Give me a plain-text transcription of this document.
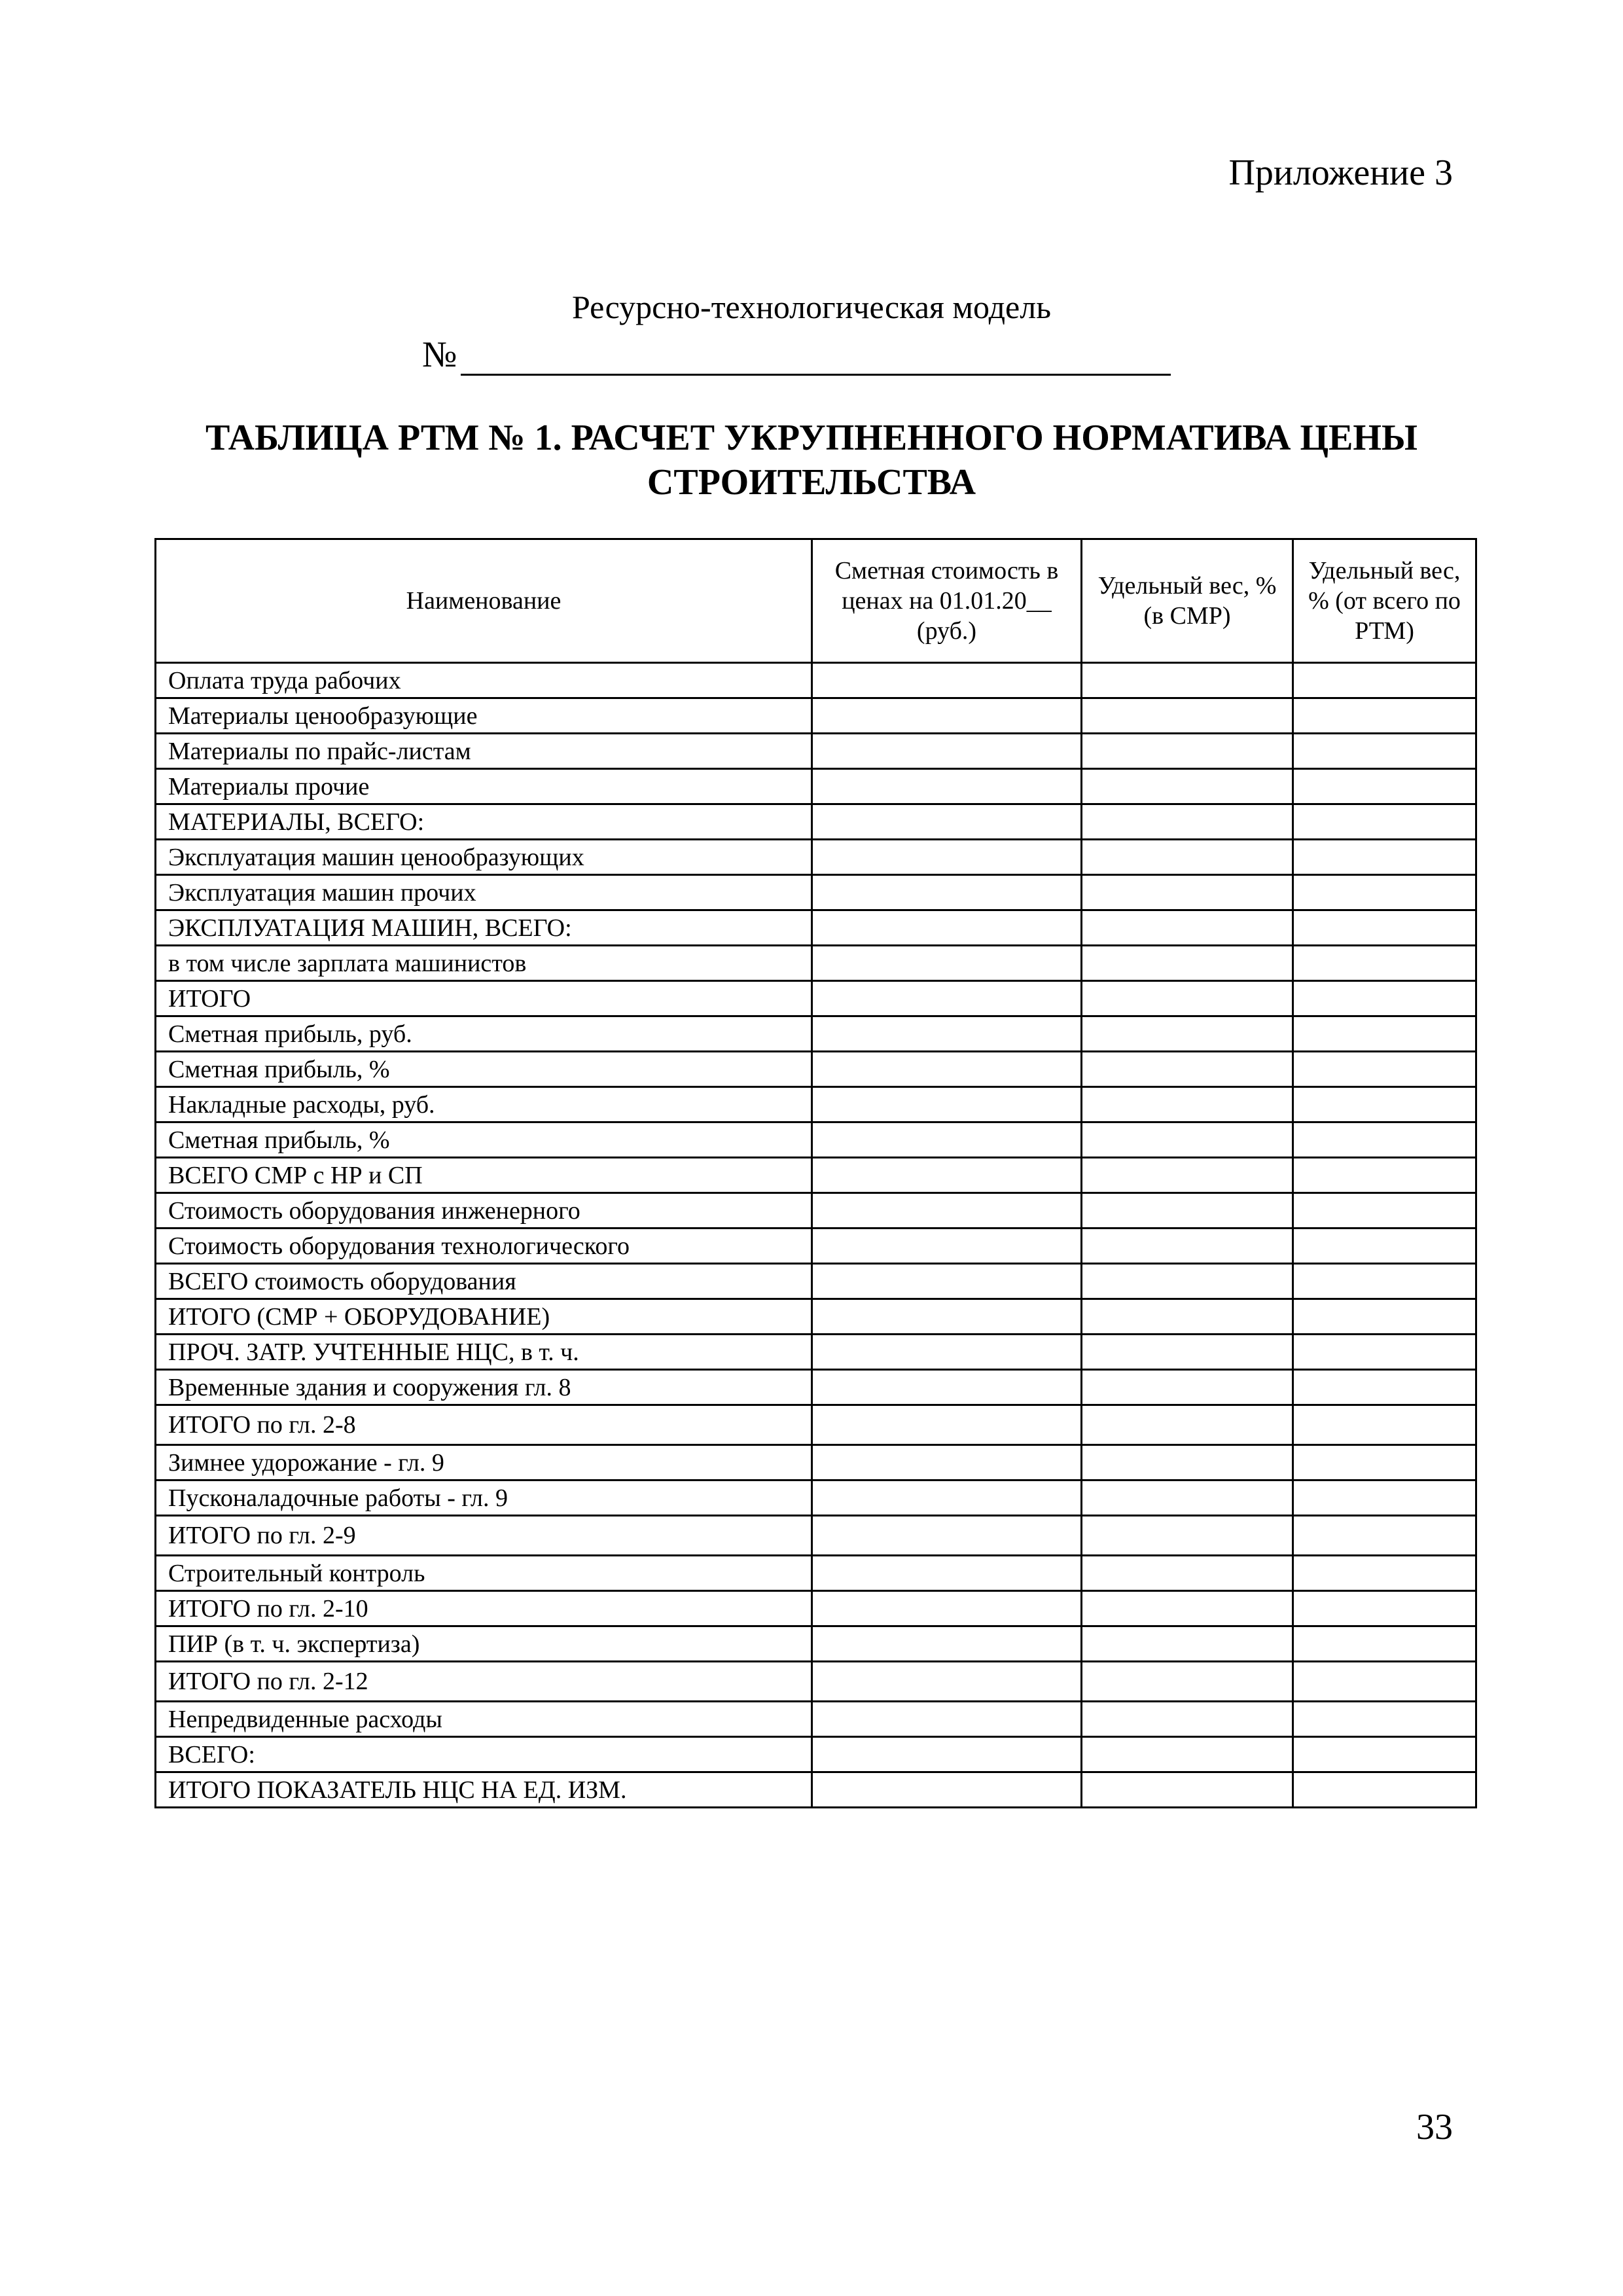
Приложение 3
Ресурсно-технологическая модель
№
ТАБЛИЦА РТМ № 1. РАСЧЕТ УКРУПНЕННОГО НОРМАТИВА ЦЕНЫ СТРОИТЕЛЬСТВА
Наименование	Сметная стоимость в ценах на 01.01.20__ (руб.)	Удельный вес, % (в СМР)	Удельный вес, % (от всего по РТМ)
Оплата труда рабочих			
Материалы ценообразующие			
Материалы по прайс-листам			
Материалы прочие			
МАТЕРИАЛЫ, ВСЕГО:			
Эксплуатация машин ценообразующих			
Эксплуатация машин прочих			
ЭКСПЛУАТАЦИЯ МАШИН, ВСЕГО:			
в том числе зарплата машинистов			
ИТОГО			
Сметная прибыль, руб.			
Сметная прибыль, %			
Накладные расходы, руб.			
Сметная прибыль, %			
ВСЕГО СМР с НР и СП			
Стоимость оборудования инженерного			
Стоимость оборудования технологического			
ВСЕГО стоимость оборудования			
ИТОГО (СМР + ОБОРУДОВАНИЕ)			
ПРОЧ. ЗАТР. УЧТЕННЫЕ НЦС, в т. ч.			
Временные здания и сооружения гл. 8			
ИТОГО по гл. 2-8			
Зимнее удорожание - гл. 9			
Пусконаладочные работы - гл. 9			
ИТОГО по гл. 2-9			
Строительный контроль			
ИТОГО по гл. 2-10			
ПИР (в т. ч. экспертиза)			
ИТОГО по гл. 2-12			
Непредвиденные расходы			
ВСЕГО:			
ИТОГО ПОКАЗАТЕЛЬ НЦС НА ЕД. ИЗМ.			
33
